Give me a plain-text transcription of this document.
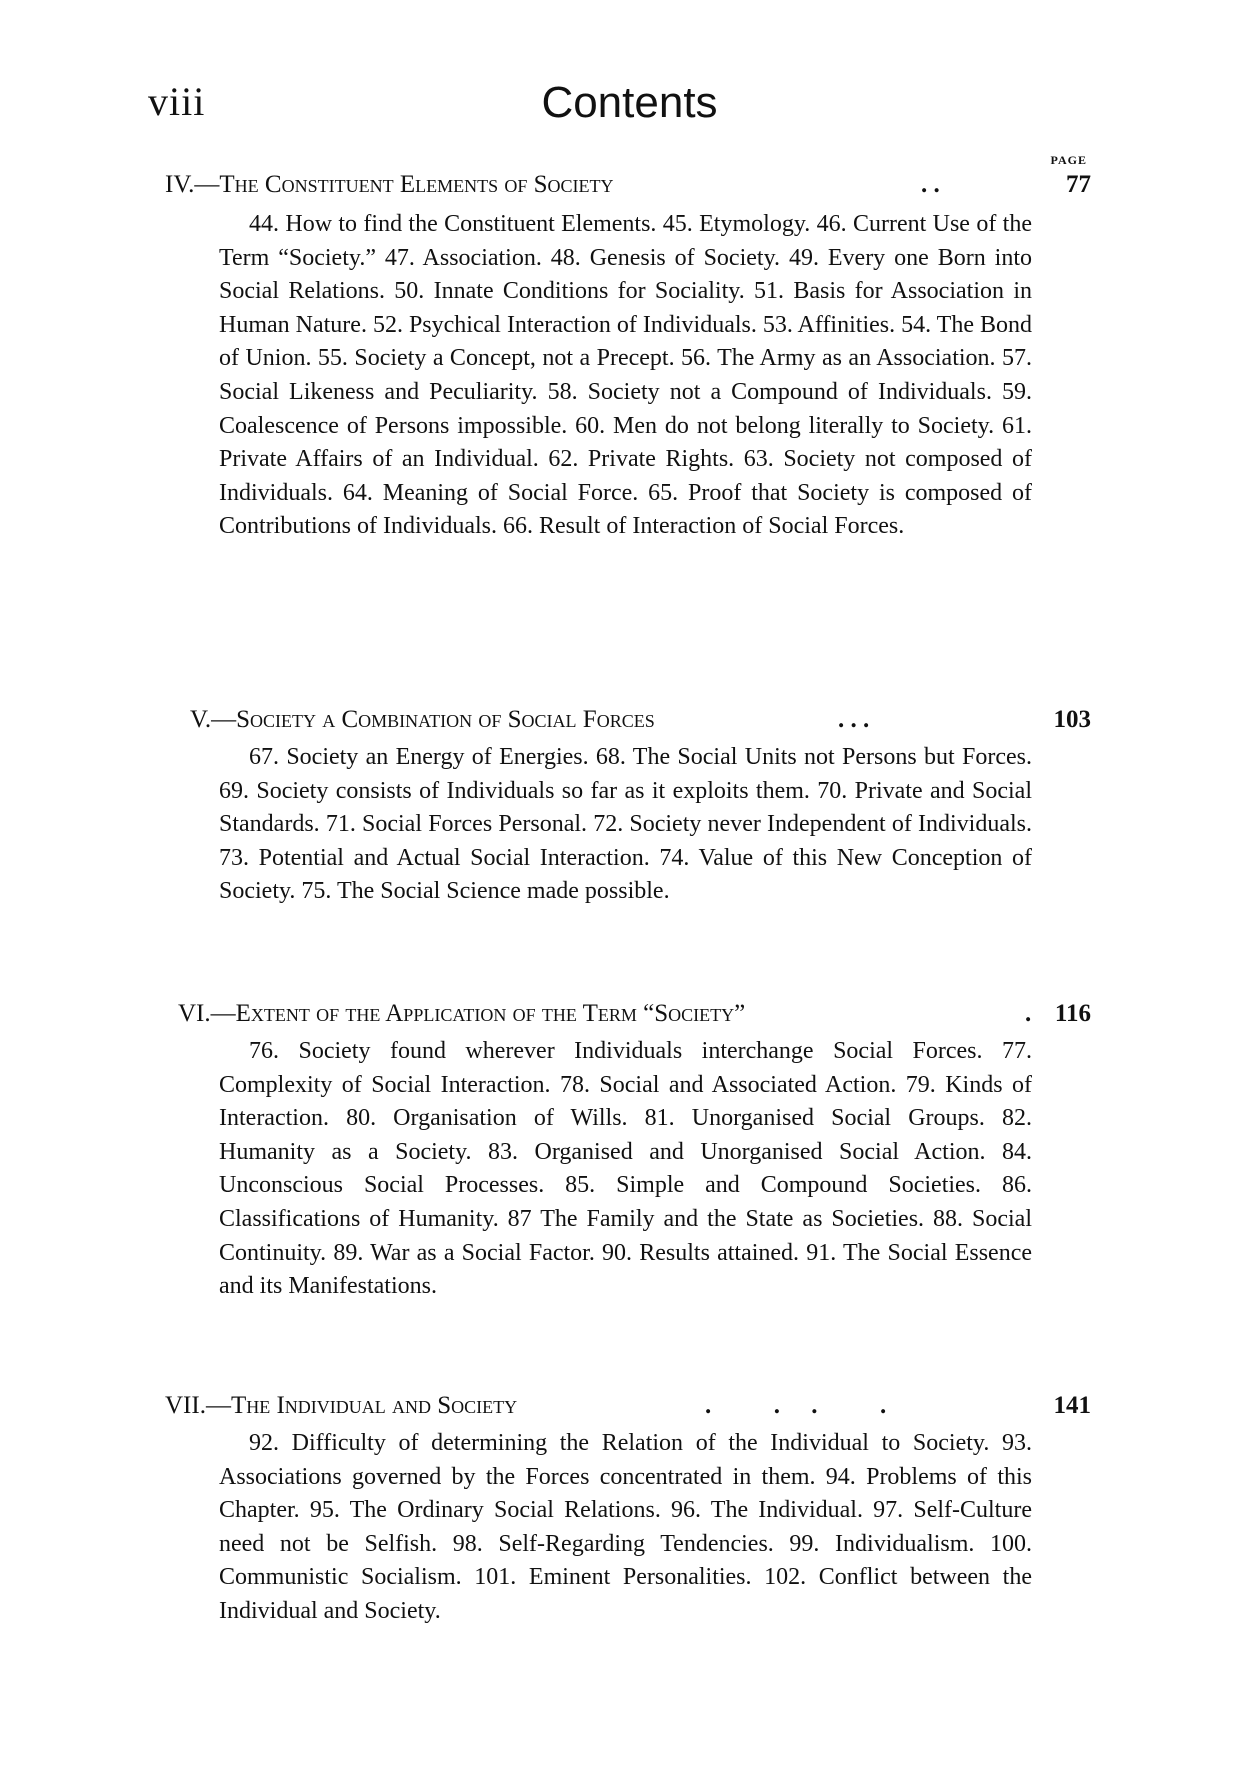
viii	Contents
PAGE
IV.—The Constituent Elements of Society	. .	77
44. How to find the Constituent Elements. 45. Etymology. 46. Current Use of the Term “Society.” 47. Association. 48. Genesis of Society. 49. Every one Born into Social Relations. 50. Innate Conditions for Sociality. 51. Basis for Association in Human Nature. 52. Psychical Interaction of Individuals. 53. Affinities. 54. The Bond of Union. 55. Society a Concept, not a Precept. 56. The Army as an Association. 57. Social Likeness and Peculiarity. 58. Society not a Compound of Individuals. 59. Coalescence of Persons impossible. 60. Men do not belong literally to Society. 61. Private Affairs of an Individual. 62. Private Rights. 63. Society not composed of Individuals. 64. Meaning of Social Force. 65. Proof that Society is composed of Contributions of Individuals. 66. Result of Interaction of Social Forces.
V.—Society a Combination of Social Forces	. . .	103
67. Society an Energy of Energies. 68. The Social Units not Persons but Forces. 69. Society consists of Individuals so far as it exploits them. 70. Private and Social Standards. 71. Social Forces Personal. 72. Society never Independent of Individuals. 73. Potential and Actual Social Interaction. 74. Value of this New Conception of Society. 75. The Social Science made possible.
VI.—Extent of the Application of the Term “Society”	. 116
76. Society found wherever Individuals interchange Social Forces. 77. Complexity of Social Interaction. 78. Social and Associated Action. 79. Kinds of Interaction. 80. Organisation of Wills. 81. Unorganised Social Groups. 82. Humanity as a Society. 83. Organised and Unorganised Social Action. 84. Unconscious Social Processes. 85. Simple and Compound Societies. 86. Classifications of Humanity. 87 The Family and the State as Societies. 88. Social Continuity. 89. War as a Social Factor. 90. Results attained. 91. The Social Essence and its Manifestations.
VII.—The Individual and Society	.          .     .          .	141
92. Difficulty of determining the Relation of the Individual to Society. 93. Associations governed by the Forces concentrated in them. 94. Problems of this Chapter. 95. The Ordinary Social Relations. 96. The Individual. 97. Self-Culture need not be Selfish. 98. Self-Regarding Tendencies. 99. Individualism. 100. Communistic Socialism. 101. Eminent Personalities. 102. Conflict between the Individual and Society.
